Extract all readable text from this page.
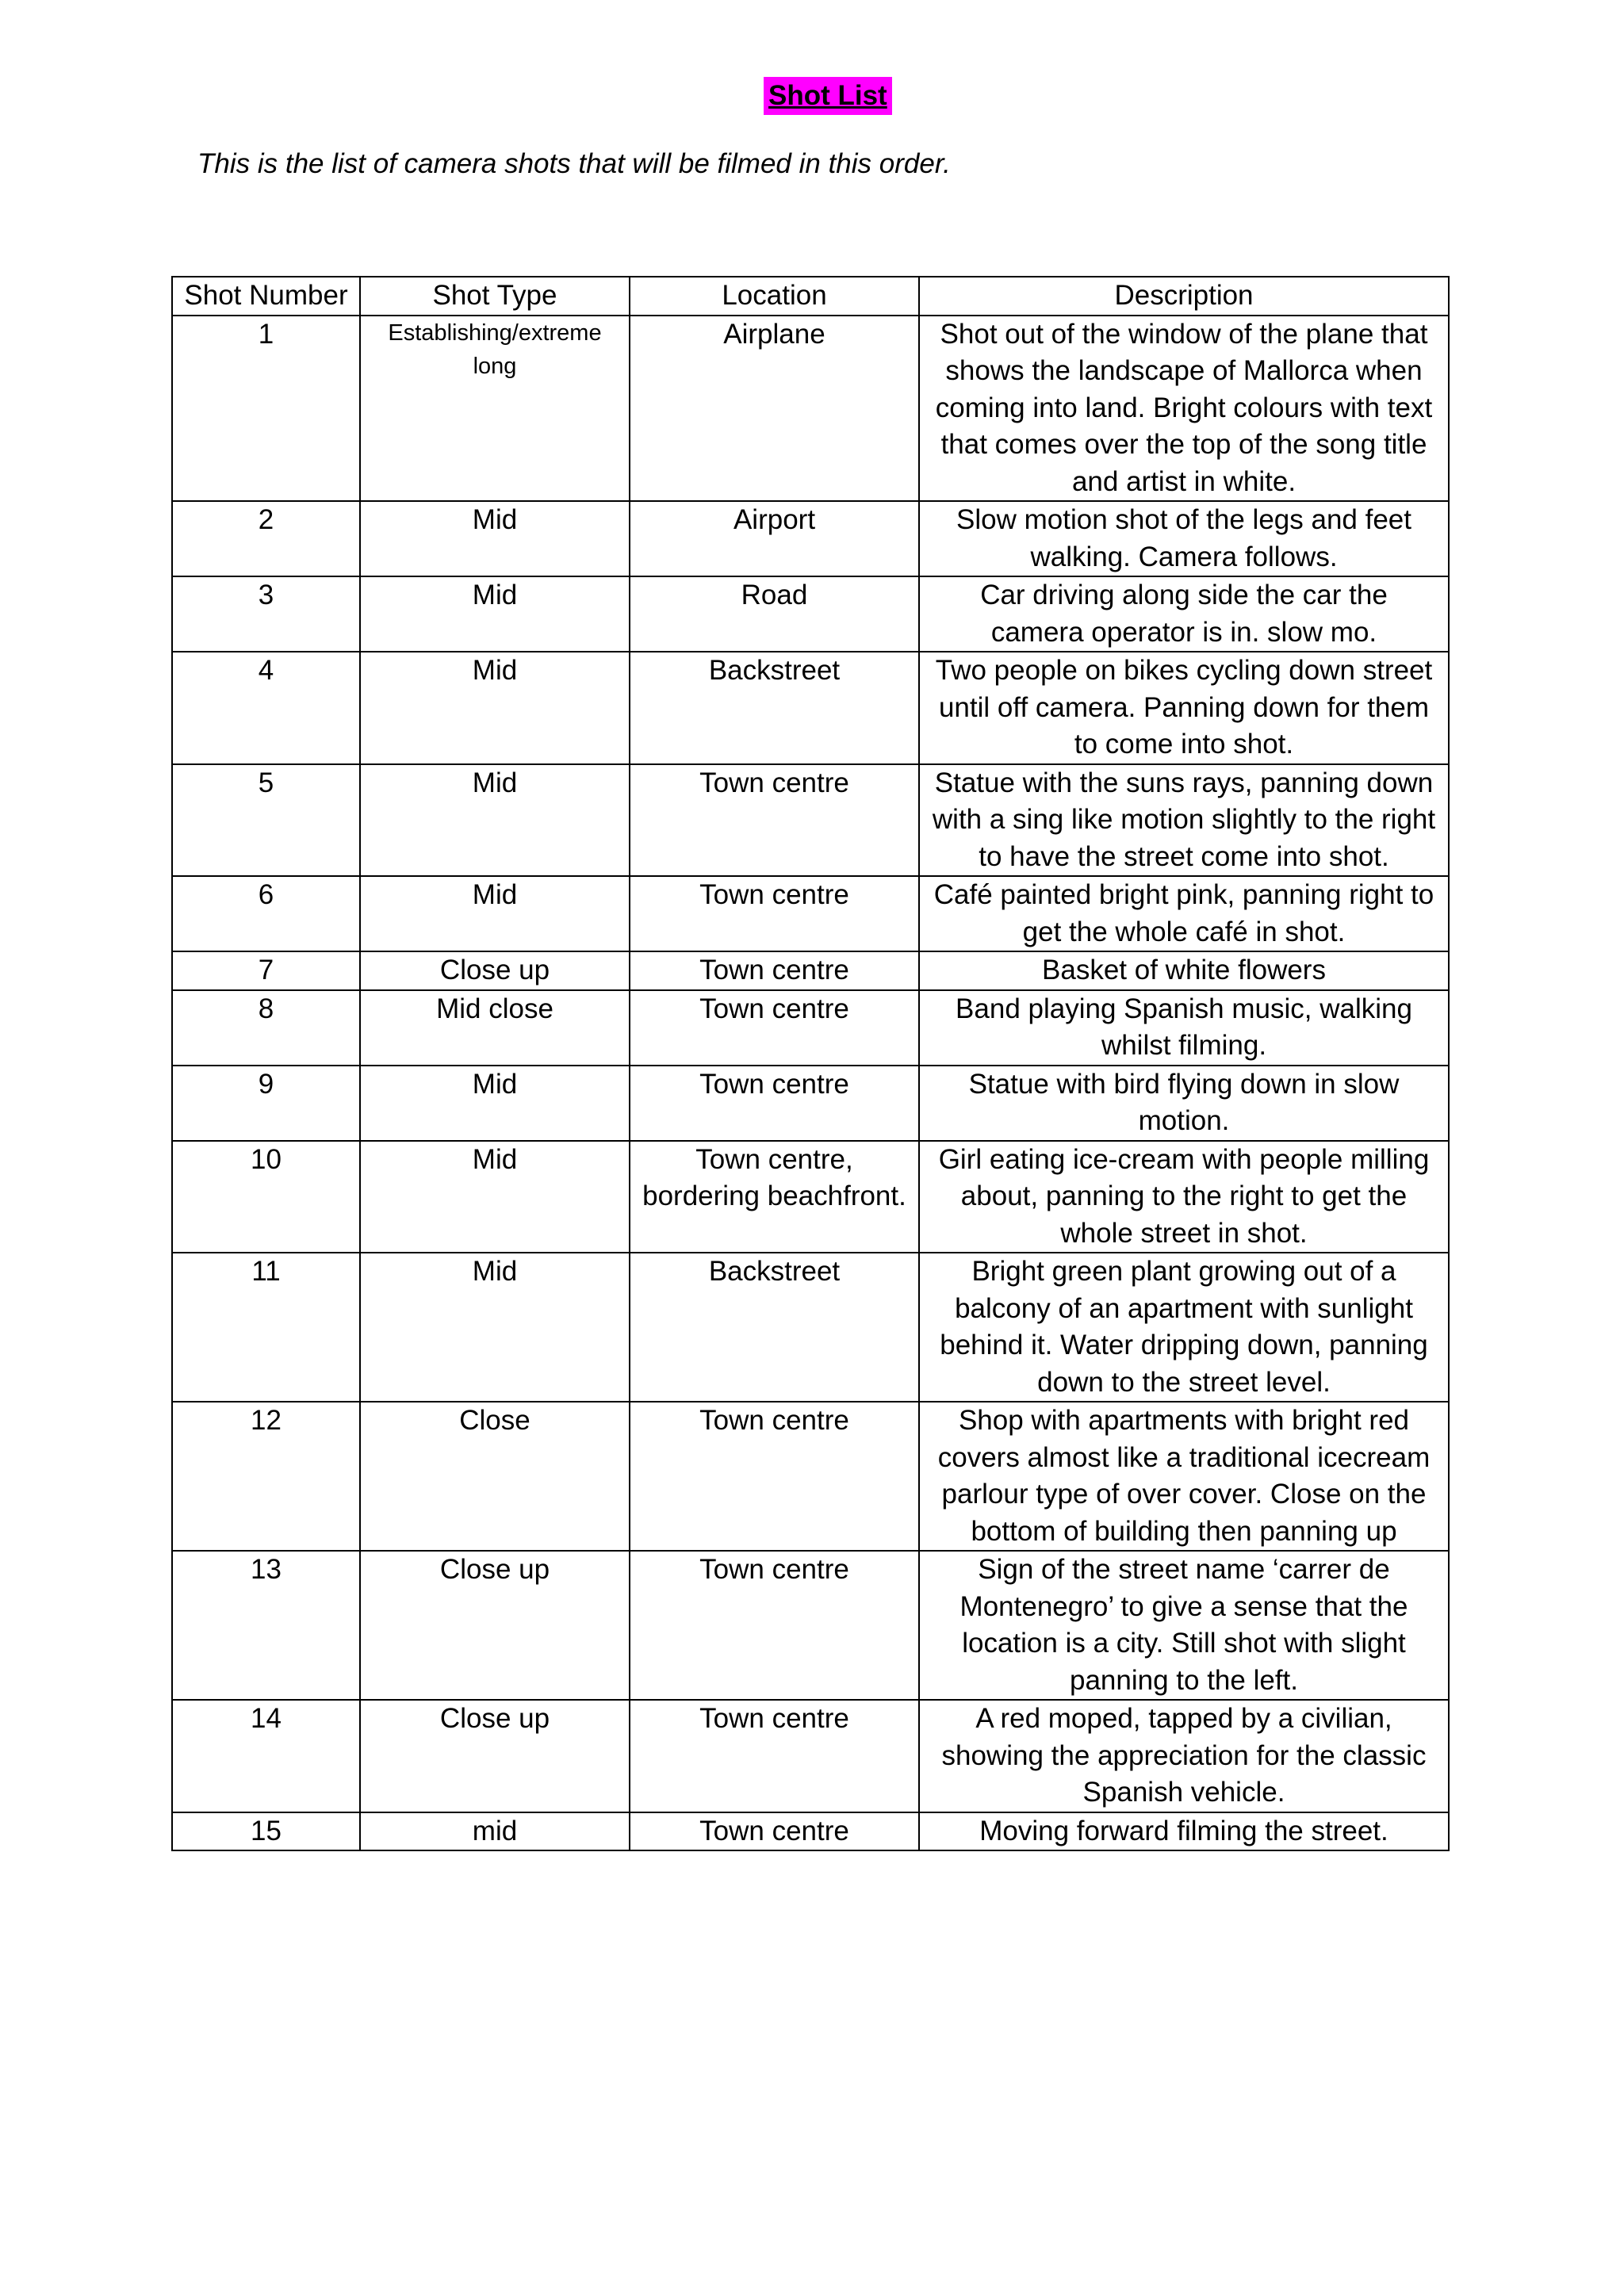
Shot List
This is the list of camera shots that will be filmed in this order.
Shot Number	Shot Type	Location	Description
1	Establishing/extreme long	Airplane	Shot out of the window of the plane that shows the landscape of Mallorca when coming into land. Bright colours with text that comes over the top of the song title and artist in white.
2	Mid	Airport	Slow motion shot of the legs and feet walking. Camera follows.
3	Mid	Road	Car driving along side the car the camera operator is in. slow mo.
4	Mid	Backstreet	Two people on bikes cycling down street until off camera. Panning down for them to come into shot.
5	Mid	Town centre	Statue with the suns rays, panning down with a sing like motion slightly to the right to have the street come into shot.
6	Mid	Town centre	Café painted bright pink, panning right to get the whole café in shot.
7	Close up	Town centre	Basket of white flowers
8	Mid close	Town centre	Band playing Spanish music, walking whilst filming.
9	Mid	Town centre	Statue with bird flying down in slow motion.
10	Mid	Town centre, bordering beachfront.	Girl eating ice-cream with people milling about, panning to the right to get the whole street in shot.
11	Mid	Backstreet	Bright green plant growing out of a balcony of an apartment with sunlight behind it. Water dripping down, panning down to the street level.
12	Close	Town centre	Shop with apartments with bright red covers almost like a traditional icecream parlour type of over cover. Close on the bottom of building then panning up
13	Close up	Town centre	Sign of the street name ‘carrer de Montenegro’ to give a sense that the location is a city. Still shot with slight panning to the left.
14	Close up	Town centre	A red moped, tapped by a civilian, showing the appreciation for the classic Spanish vehicle.
15	mid	Town centre	Moving forward filming the street.
